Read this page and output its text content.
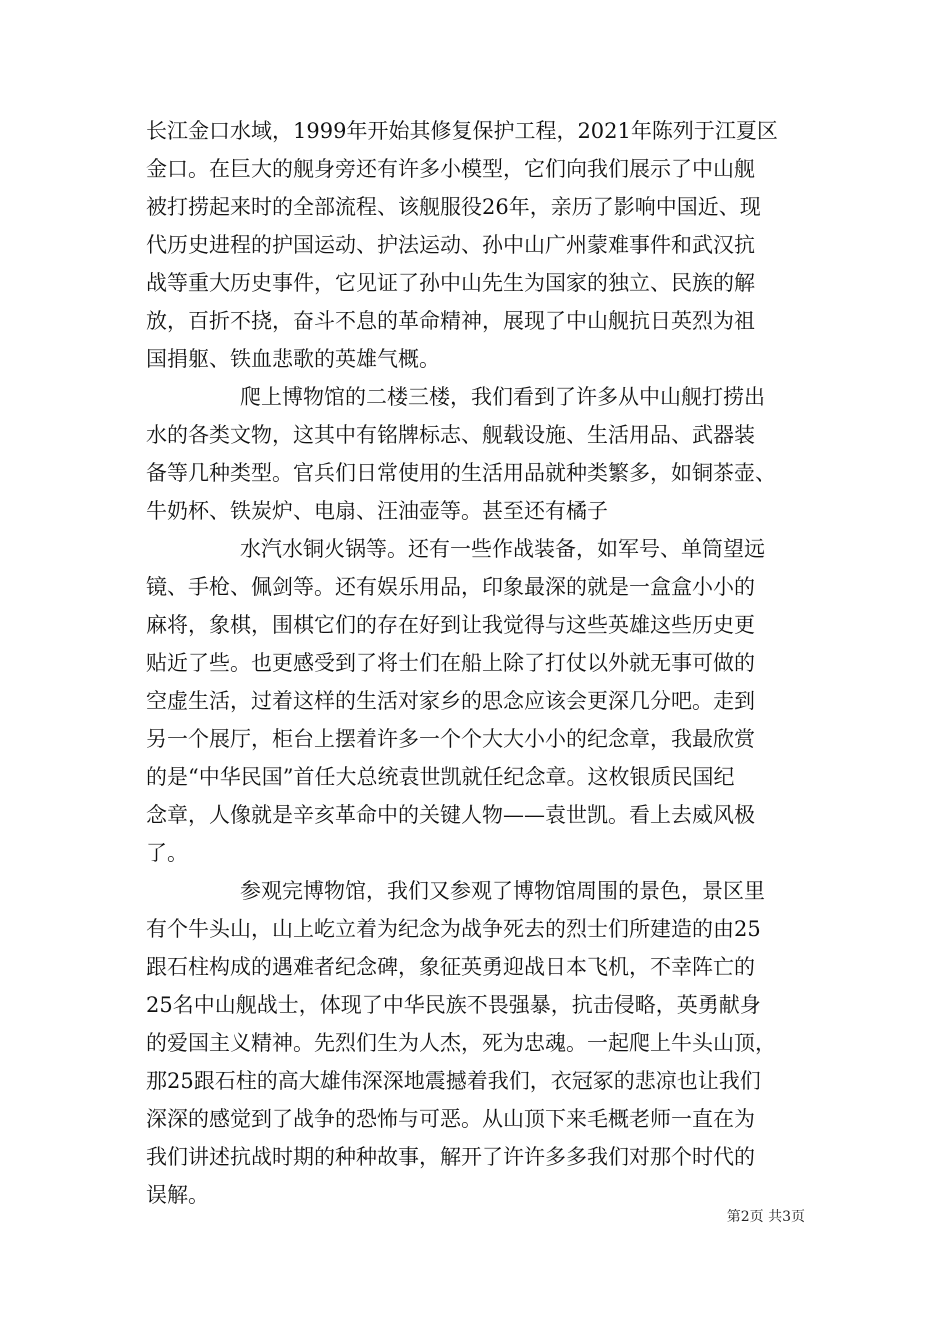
长江金口水域，1999年开始其修复保护工程，2021年陈列于江夏区
金口。在巨大的舰身旁还有许多小模型，它们向我们展示了中山舰
被打捞起来时的全部流程、该舰服役26年，亲历了影响中国近、现
代历史进程的护国运动、护法运动、孙中山广州蒙难事件和武汉抗
战等重大历史事件，它见证了孙中山先生为国家的独立、民族的解
放，百折不挠，奋斗不息的革命精神，展现了中山舰抗日英烈为祖
国捐躯、铁血悲歌的英雄气概。
爬上博物馆的二楼三楼，我们看到了许多从中山舰打捞出
水的各类文物，这其中有铭牌标志、舰载设施、生活用品、武器装
备等几种类型。官兵们日常使用的生活用品就种类繁多，如铜茶壶、
牛奶杯、铁炭炉、电扇、汪油壶等。甚至还有橘子
水汽水铜火锅等。还有一些作战装备，如军号、单筒望远
镜、手枪、佩剑等。还有娱乐用品，印象最深的就是一盒盒小小的
麻将，象棋，围棋它们的存在好到让我觉得与这些英雄这些历史更
贴近了些。也更感受到了将士们在船上除了打仗以外就无事可做的
空虚生活，过着这样的生活对家乡的思念应该会更深几分吧。走到
另一个展厅，柜台上摆着许多一个个大大小小的纪念章，我最欣赏
的是“中华民国”首任大总统袁世凯就任纪念章。这枚银质民国纪
念章，人像就是辛亥革命中的关键人物——袁世凯。看上去威风极
了。
参观完博物馆，我们又参观了博物馆周围的景色，景区里
有个牛头山，山上屹立着为纪念为战争死去的烈士们所建造的由25
跟石柱构成的遇难者纪念碑，象征英勇迎战日本飞机，不幸阵亡的
25名中山舰战士，体现了中华民族不畏强暴，抗击侵略，英勇献身
的爱国主义精神。先烈们生为人杰，死为忠魂。一起爬上牛头山顶，
那25跟石柱的高大雄伟深深地震撼着我们，衣冠冢的悲凉也让我们
深深的感觉到了战争的恐怖与可恶。从山顶下来毛概老师一直在为
我们讲述抗战时期的种种故事，解开了许许多多我们对那个时代的
误解。
第2页 共3页
